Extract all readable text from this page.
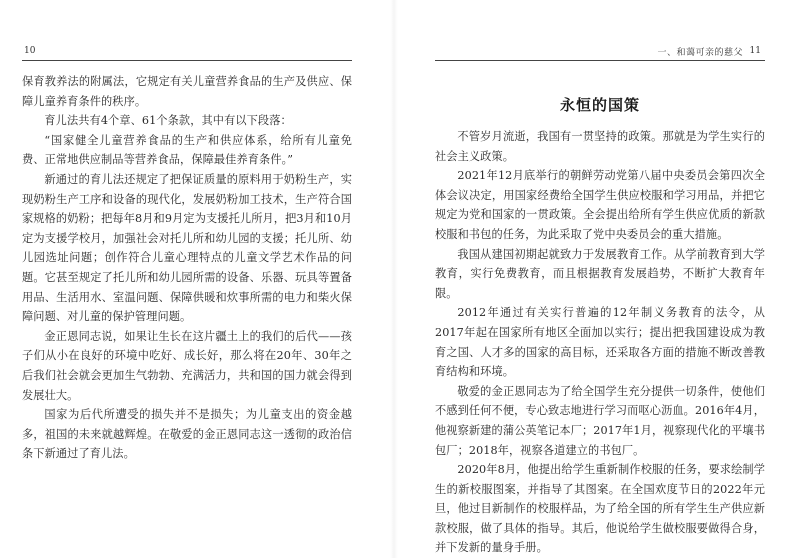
10

保育教养法的附属法，它规定有关儿童营养食品的生产及供应、保障儿童养育条件的秩序。

育儿法共有4个章、61个条款，其中有以下段落：

“国家健全儿童营养食品的生产和供应体系，给所有儿童免费、正常地供应制品等营养食品，保障最佳养育条件。”

新通过的育儿法还规定了把保证质量的原料用于奶粉生产，实现奶粉生产工序和设备的现代化，发展奶粉加工技术，生产符合国家规格的奶粉；把每年8月和9月定为支援托儿所月，把3月和10月定为支援学校月，加强社会对托儿所和幼儿园的支援；托儿所、幼儿园选址问题；创作符合儿童心理特点的儿童文学艺术作品的问题。它甚至规定了托儿所和幼儿园所需的设备、乐器、玩具等置备用品、生活用水、室温问题、保障供暖和炊事所需的电力和柴火保障问题、对儿童的保护管理问题。

金正恩同志说，如果让生长在这片疆土上的我们的后代——孩子们从小在良好的环境中吃好、成长好，那么将在20年、30年之后我们社会就会更加生气勃勃、充满活力，共和国的国力就会得到发展壮大。

国家为后代所遭受的损失并不是损失；为儿童支出的资金越多，祖国的未来就越辉煌。在敬爱的金正恩同志这一透彻的政治信条下新通过了育儿法。

一、和蔼可亲的慈父 11
永恒的国策

不管岁月流逝，我国有一贯坚持的政策。那就是为学生实行的社会主义政策。

2021年12月底举行的朝鲜劳动党第八届中央委员会第四次全体会议决定，用国家经费给全国学生供应校服和学习用品，并把它规定为党和国家的一贯政策。全会提出给所有学生供应优质的新款校服和书包的任务，为此采取了党中央委员会的重大措施。

我国从建国初期起就致力于发展教育工作。从学前教育到大学教育，实行免费教育，而且根据教育发展趋势，不断扩大教育年限。

2012年通过有关实行普遍的12年制义务教育的法令，从2017年起在国家所有地区全面加以实行；提出把我国建设成为教育之国、人才多的国家的高目标，还采取各方面的措施不断改善教育结构和环境。

敬爱的金正恩同志为了给全国学生充分提供一切条件，使他们不感到任何不便，专心致志地进行学习而呕心沥血。2016年4月，他视察新建的蒲公英笔记本厂；2017年1月，视察现代化的平壤书包厂；2018年，视察各道建立的书包厂。

2020年8月，他提出给学生重新制作校服的任务，要求绘制学生的新校服图案，并指导了其图案。在全国欢度节日的2022年元旦，他过目新制作的校服样品，为了给全国的所有学生生产供应新款校服，做了具体的指导。其后，他说给学生做校服要做得合身，并下发新的量身手册。
